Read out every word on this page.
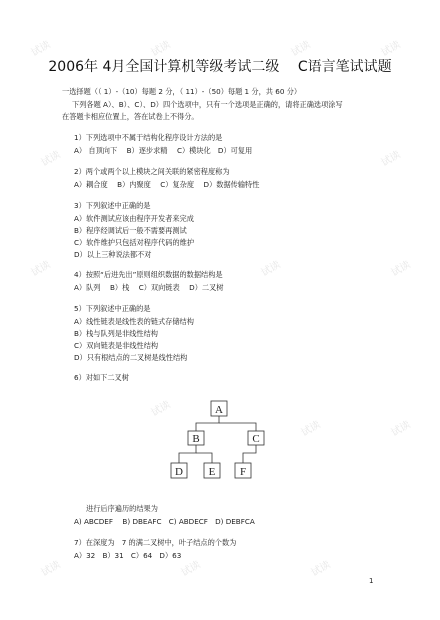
试读	试读	试读	试读
试读	试读
试读	试读	试读
试读
试读	试读
试读	试读	试读
2006年 4月全国计算机等级考试二级　 C语言笔试试题
一选择题（（ 1）-（10）每题 2 分，（ 11）-（50）每题 1 分，共 60 分）
下列各题 A）、B）、C）、D）四个选项中，只有一个选项是正确的，请将正确选项涂写
在答题卡相应位置上，答在试卷上不得分。
1）下列选项中不属于结构化程序设计方法的是
A） 自顶向下　 B）逐步求精　 C）模块化　D）可复用
2）两个或两个以上模块之间关联的紧密程度称为
A）耦合度　 B）内聚度　 C）复杂度　 D）数据传输特性
3）下列叙述中正确的是
A）软件测试应该由程序开发者来完成
B）程序经调试后一般不需要再测试
C）软件维护只包括对程序代码的维护
D）以上三种说法都不对
4）按照“后进先出”原则组织数据的数据结构是
A）队列　 B）栈　 C）双向链表　 D）二叉树
5）下列叙述中正确的是
A）线性链表是线性表的链式存储结构
B）栈与队列是非线性结构
C）双向链表是非线性结构
D）只有根结点的二叉树是线性结构
6）对如下二叉树
A
B	C
D E F
进行后序遍历的结果为
A) ABCDEF　 B) DBEAFC　C) ABDECF　D) DEBFCA
7）在深度为　7 的满二叉树中，叶子结点的个数为
A）32　B）31　C）64　D）63
1
